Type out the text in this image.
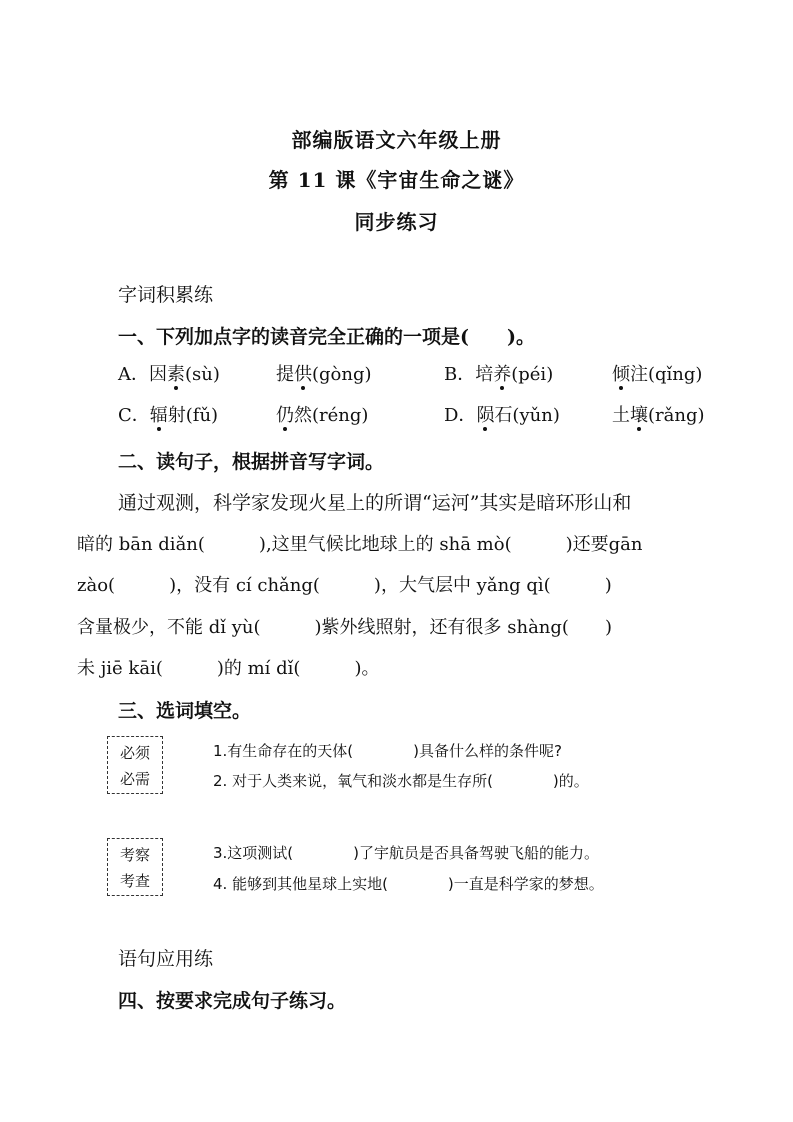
部编版语文六年级上册
第 11 课《宇宙生命之谜》
同步练习
字词积累练
一、下列加点字的读音完全正确的一项是(　　)。
A．因素(sù)	提供(gòng)	B．培养(péi)	倾注(qǐng)
C．辐射(fǔ)	仍然(réng)	D．陨石(yǔn)	土壤(rǎng)
二、读句子，根据拼音写字词。
通过观测，科学家发现火星上的所谓“运河”其实是暗环形山和
暗的 bān diǎn(　　　),这里气候比地球上的 shā mò(　　　)还要gān
zào(　　　)，没有 cí chǎng(　　　)，大气层中 yǎng qì(　　　)
含量极少，不能 dǐ yù(　　　)紫外线照射，还有很多 shàng(　　)
未 jiē kāi(　　　)的 mí dǐ(　　　)。
三、选词填空。
必须
必需
1.有生命存在的天体(　　　　)具备什么样的条件呢?
2. 对于人类来说，氧气和淡水都是生存所(　　　　)的。
考察
考查
3.这项测试(　　　　)了宇航员是否具备驾驶飞船的能力。
4. 能够到其他星球上实地(　　　　)一直是科学家的梦想。
语句应用练
四、按要求完成句子练习。
